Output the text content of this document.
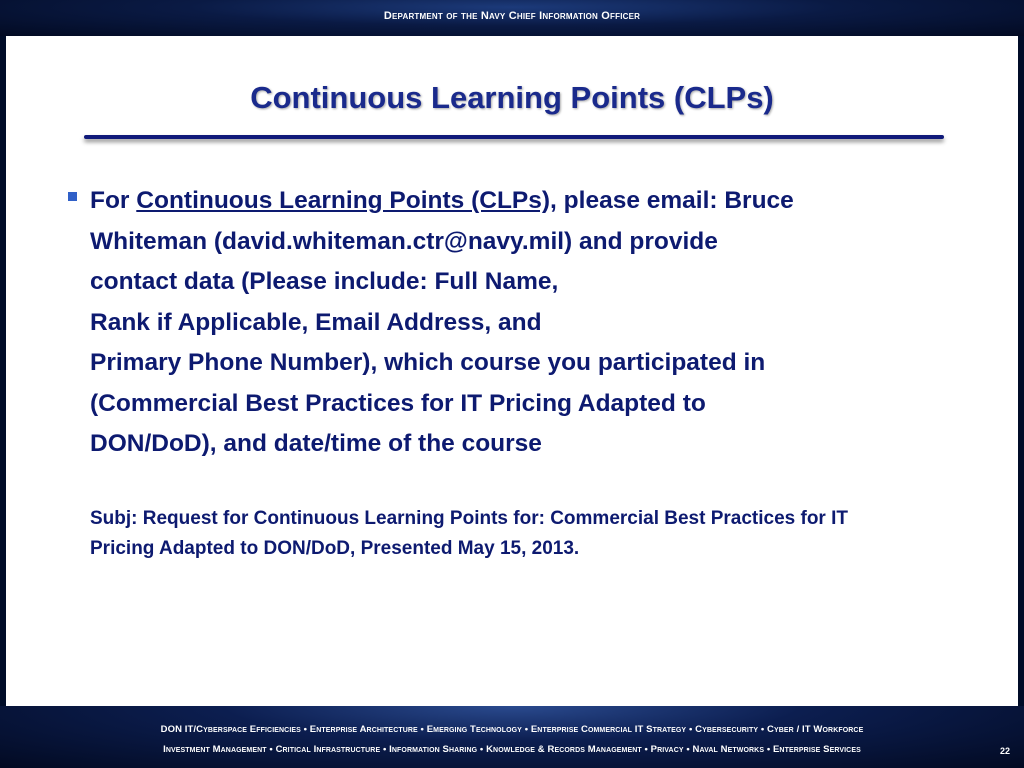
Department of the Navy Chief Information Officer
Continuous Learning Points (CLPs)
For Continuous Learning Points (CLPs), please email: Bruce
Whiteman (david.whiteman.ctr@navy.mil) and provide
contact data (Please include: Full Name,
Rank if Applicable, Email Address, and
Primary Phone Number), which course you participated in
(Commercial Best Practices for IT Pricing Adapted to
DON/DoD), and date/time of the course
Subj: Request for Continuous Learning Points for: Commercial Best Practices for IT
Pricing Adapted to DON/DoD, Presented May 15, 2013.
DON IT/Cyberspace Efficiencies • Enterprise Architecture • Emerging Technology • Enterprise Commercial IT Strategy • Cybersecurity • Cyber / IT Workforce
Investment Management • Critical Infrastructure • Information Sharing • Knowledge & Records Management • Privacy • Naval Networks • Enterprise Services	22
